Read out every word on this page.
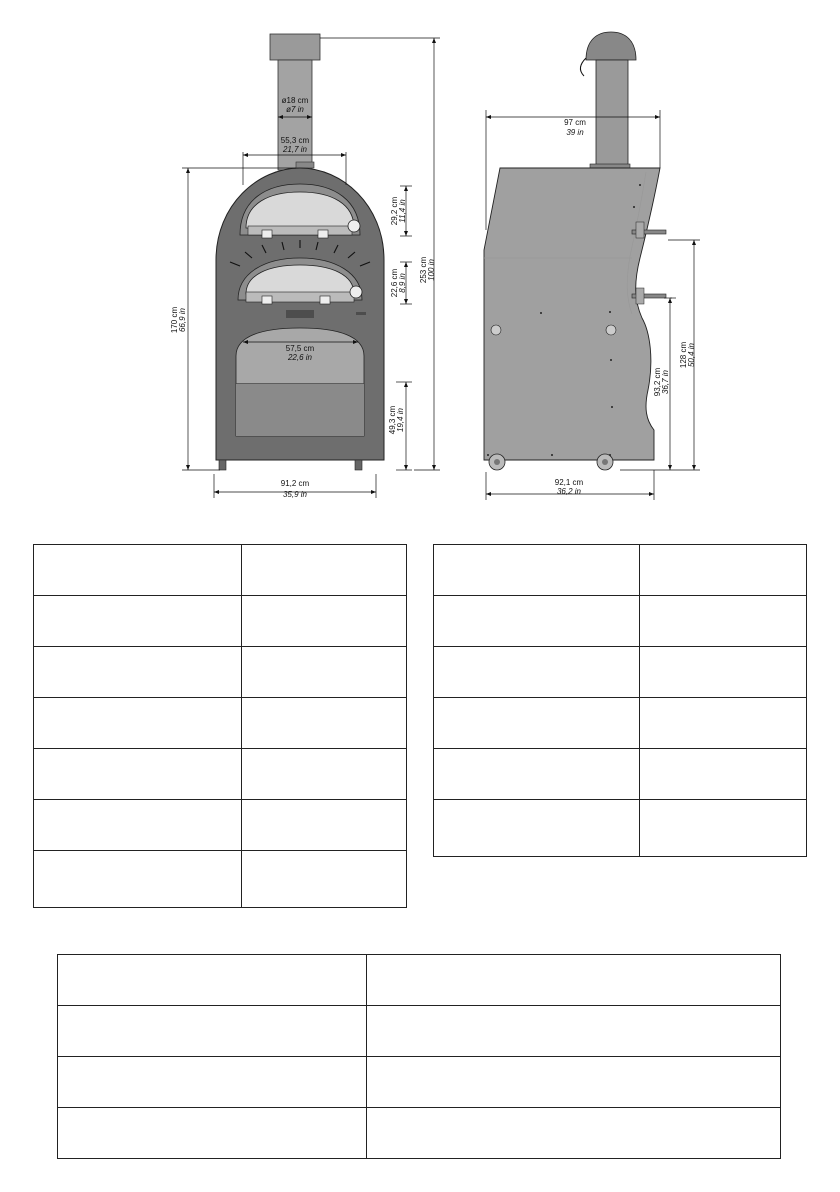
ø18 cm
ø7 in
55,3 cm
21,7 in
57,5 cm
22,6 in
91,2 cm
35,9 in
29,2 cm 11,4 in
22,6 cm 8,9 in
49,3 cm 19,4 in
253 cm 100 in
170 cm 66,9 in
97 cm
39 in
92,1 cm
36,2 in
128 cm 50,4 in
93,2 cm 36,7 in
